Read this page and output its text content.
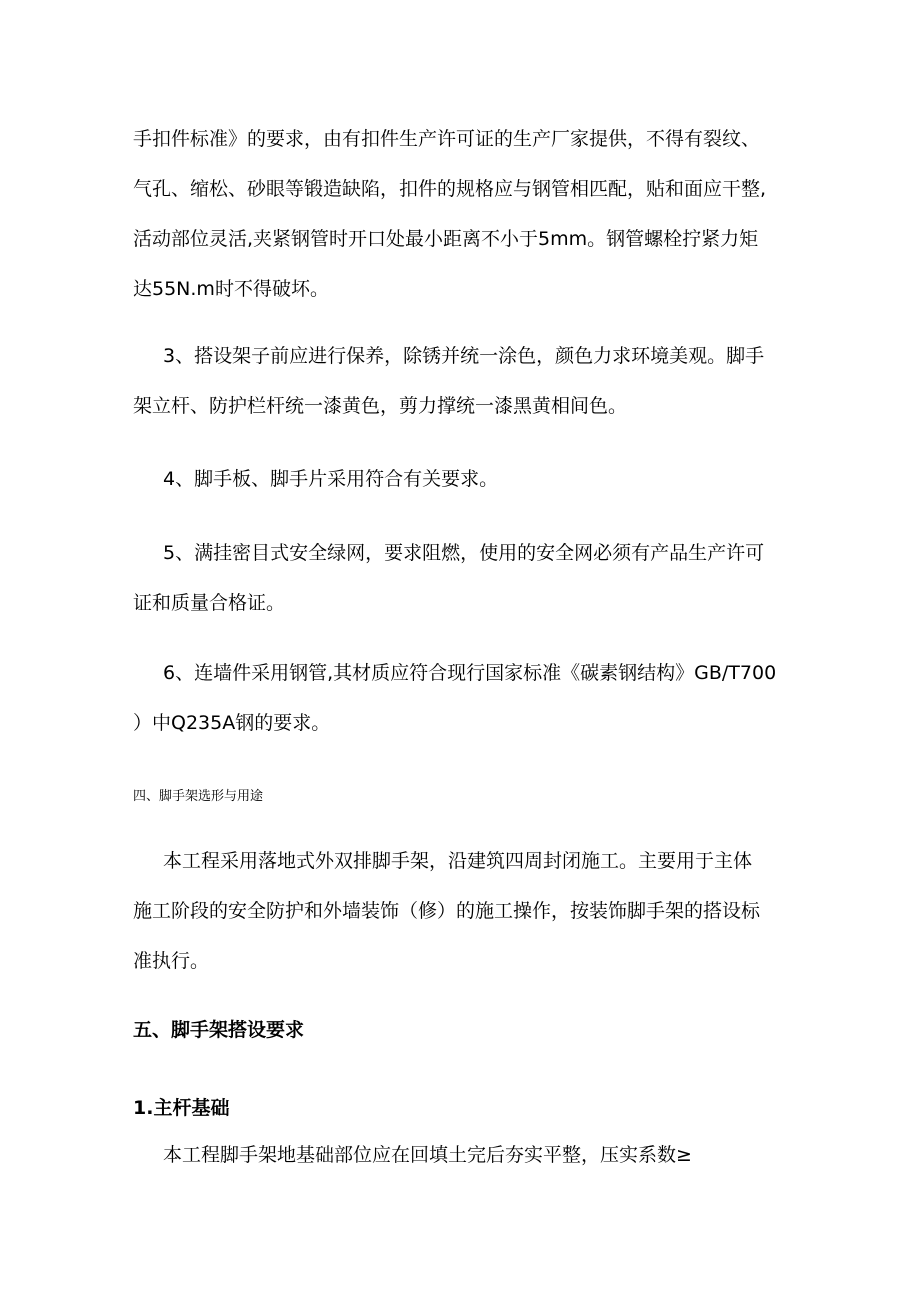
手扣件标准》的要求，由有扣件生产许可证的生产厂家提供，不得有裂纹、
气孔、缩松、砂眼等锻造缺陷，扣件的规格应与钢管相匹配，贴和面应干整,
活动部位灵活,夹紧钢管时开口处最小距离不小于5mm。钢管螺栓拧紧力矩
达55N.m时不得破坏。
3、搭设架子前应进行保养，除锈并统一涂色，颜色力求环境美观。脚手
架立杆、防护栏杆统一漆黄色，剪力撑统一漆黑黄相间色。
4、脚手板、脚手片采用符合有关要求。
5、满挂密目式安全绿网，要求阻燃，使用的安全网必须有产品生产许可
证和质量合格证。
6、连墙件采用钢管,其材质应符合现行国家标准《碳素钢结构》GB/T700
）中Q235A钢的要求。
四、脚手架选形与用途
本工程采用落地式外双排脚手架，沿建筑四周封闭施工。主要用于主体
施工阶段的安全防护和外墙装饰（修）的施工操作，按装饰脚手架的搭设标
准执行。
五、脚手架搭设要求
1.主杆基础
本工程脚手架地基础部位应在回填土完后夯实平整，压实系数≥
